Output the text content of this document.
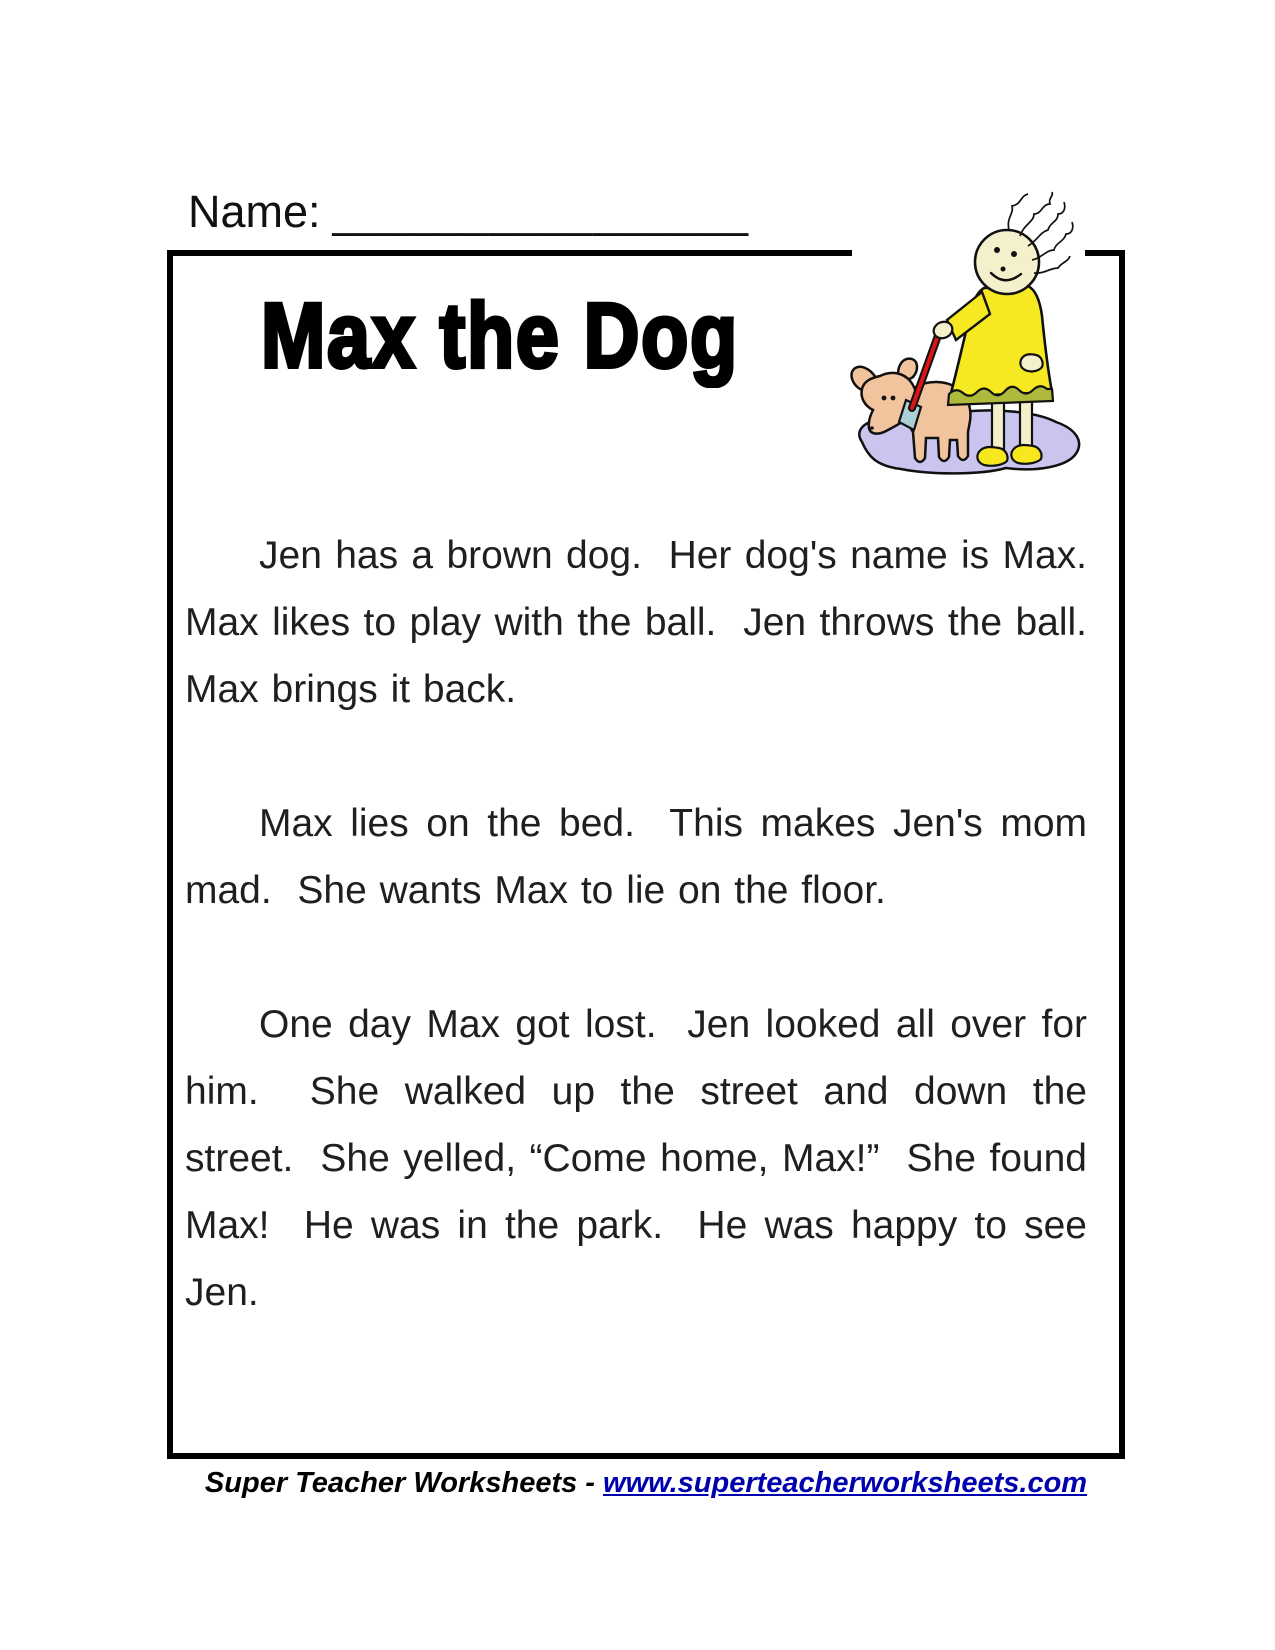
Name: ________________
Max the Dog

Jen has a brown dog.  Her dog's name is Max.  Max likes to play with the ball.  Jen throws the ball.  Max brings it back.

Max lies on the bed.  This makes Jen's mom mad.  She wants Max to lie on the floor.

One day Max got lost.  Jen looked all over for him.  She walked up the street and down the street.  She yelled, “Come home, Max!”  She found Max!  He was in the park.  He was happy to see Jen.

Super Teacher Worksheets - www.superteacherworksheets.com
